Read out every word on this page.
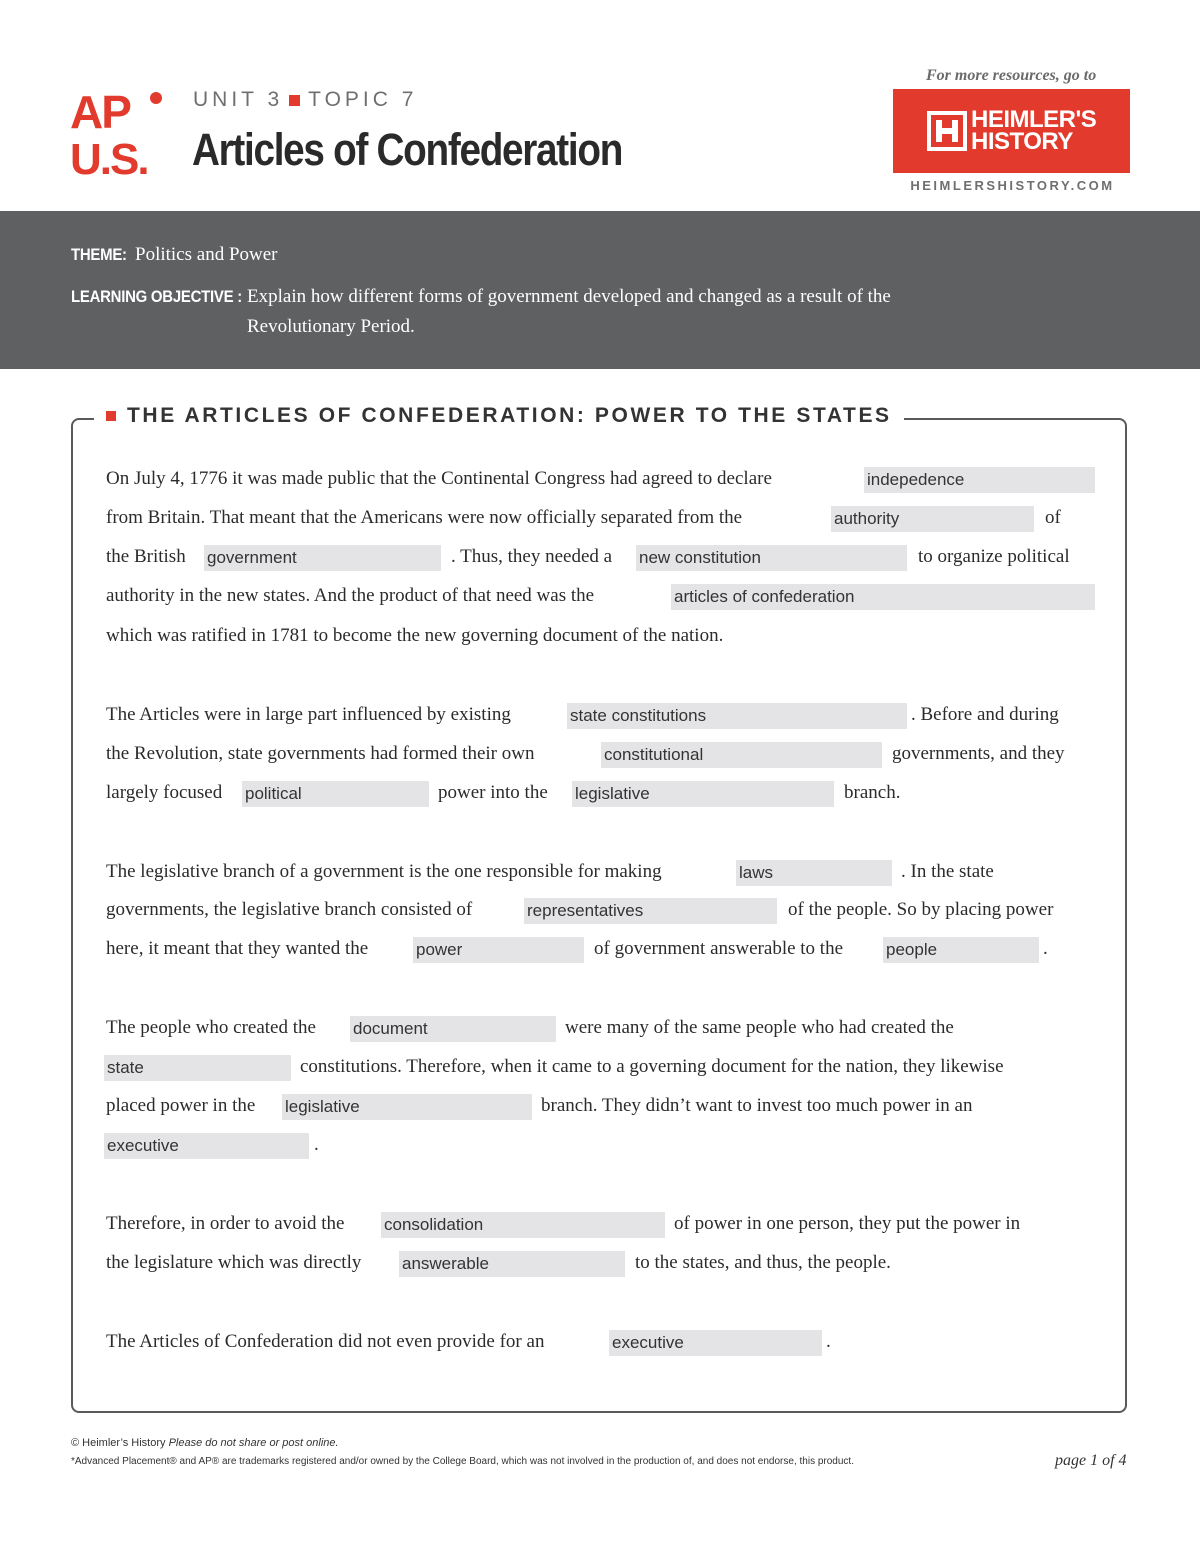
AP
U.S.
UNIT 3 TOPIC 7
Articles of Confederation
For more resources, go to
HEIMLER'S
HISTORY
HEIMLERSHISTORY.COM
THEME: Politics and Power
LEARNING OBJECTIVE : Explain how different forms of government developed and changed as a result of the
Revolutionary Period.
THE ARTICLES OF CONFEDERATION: POWER TO THE STATES
On July 4, 1776 it was made public that the Continental Congress had agreed to declare	indepedence
from Britain. That meant that the Americans were now officially separated from the	authority	of
the British government	. Thus, they needed a new constitution	to organize political
authority in the new states. And the product of that need was the	articles of confederation
which was ratified in 1781 to become the new governing document of the nation.
The Articles were in large part influenced by existing	state constitutions	. Before and during
the Revolution, state governments had formed their own	constitutional	governments, and they
largely focused political	power into the legislative	branch.
The legislative branch of a government is the one responsible for making	laws	. In the state
governments, the legislative branch consisted of	representatives	of the people. So by placing power
here, it meant that they wanted the	power	of government answerable to the	people	.
The people who created the document	were many of the same people who had created the
state	constitutions. Therefore, when it came to a governing document for the nation, they likewise
placed power in the legislative	branch. They didn’t want to invest too much power in an
executive	.
Therefore, in order to avoid the consolidation	of power in one person, they put the power in
the legislature which was directly answerable	to the states, and thus, the people.
The Articles of Confederation did not even provide for an	executive	.
© Heimler’s History Please do not share or post online.
*Advanced Placement® and AP® are trademarks registered and/or owned by the College Board, which was not involved in the production of, and does not endorse, this product.	page 1 of 4
